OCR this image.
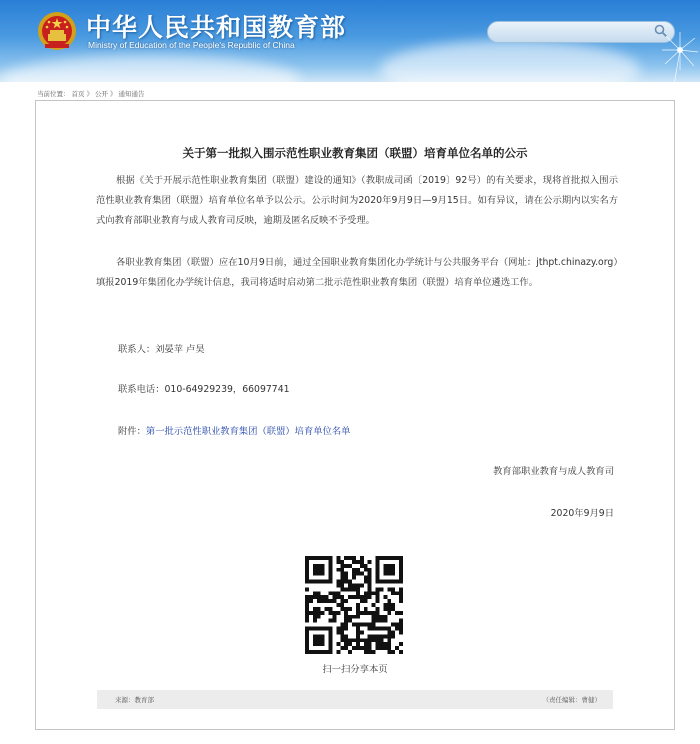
中华人民共和国教育部
Ministry of Education of the People's Republic of China
当前位置： 首页 》 公开 》 通知通告
关于第一批拟入围示范性职业教育集团（联盟）培育单位名单的公示
根据《关于开展示范性职业教育集团（联盟）建设的通知》（教职成司函〔2019〕92号）的有关要求，现将首批拟入围示范性职业教育集团（联盟）培育单位名单予以公示。公示时间为2020年9月9日—9月15日。如有异议，请在公示期内以实名方式向教育部职业教育与成人教育司反映，逾期及匿名反映不予受理。
各职业教育集团（联盟）应在10月9日前，通过全国职业教育集团化办学统计与公共服务平台（网址：jthpt.chinazy.org）填报2019年集团化办学统计信息，我司将适时启动第二批示范性职业教育集团（联盟）培育单位遴选工作。
联系人：刘晏苹 卢昊
联系电话：010-64929239，66097741
附件：第一批示范性职业教育集团（联盟）培育单位名单
教育部职业教育与成人教育司
2020年9月9日
扫一扫分享本页
来源：教育部	（责任编辑：曹健）
